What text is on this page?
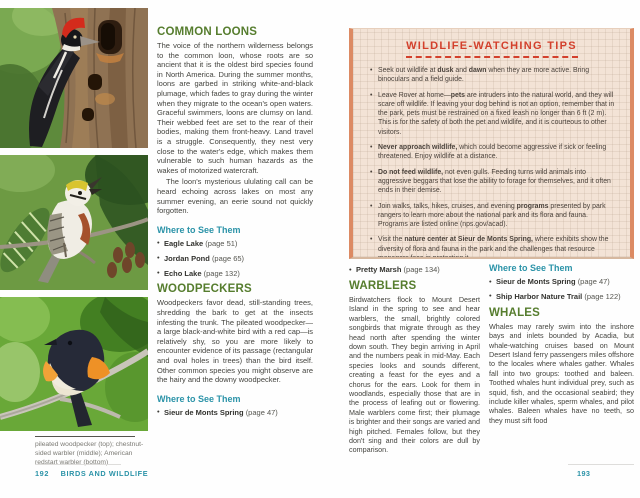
COMMON LOONS

The voice of the northern wilderness belongs to the common loon, whose roots are so ancient that it is the oldest bird species found in North America. During the summer months, loons are garbed in striking white-and-black plumage, which fades to gray during the winter when they migrate to the ocean's open waters. Graceful swimmers, loons are clumsy on land. Their webbed feet are set to the rear of their bodies, making them front-heavy. Land travel is a struggle. Consequently, they nest very close to the water's edge, which makes them vulnerable to such human hazards as the wakes of motorized watercraft.

The loon's mysterious ululating call can be heard echoing across lakes on most any summer evening, an eerie sound not quickly forgotten.

Where to See Them
• Eagle Lake (page 51)
• Jordan Pond (page 65)
• Echo Lake (page 132)
WOODPECKERS

Woodpeckers favor dead, still-standing trees, shredding the bark to get at the insects infesting the trunk. The pileated woodpecker—a large black-and-white bird with a red cap—is relatively shy, so you are more likely to encounter evidence of its passage (rectangular and oval holes in trees) than the bird itself. Other common species you might observe are the hairy and the downy woodpecker.

Where to See Them
• Sieur de Monts Spring (page 47)
WILDLIFE-WATCHING TIPS
• Seek out wildlife at dusk and dawn when they are more active. Bring binoculars and a field guide.
• Leave Rover at home—pets are intruders into the natural world, and they will scare off wildlife. If leaving your dog behind is not an option, remember that in the park, pets must be restrained on a fixed leash no longer than 6 ft (2 m). This is for the safety of both the pet and wildlife, and it is courteous to other visitors.
• Never approach wildlife, which could become aggressive if sick or feeling threatened. Enjoy wildlife at a distance.
• Do not feed wildlife, not even gulls. Feeding turns wild animals into aggressive beggars that lose the ability to forage for themselves, and it often ends in their demise.
• Join walks, talks, hikes, cruises, and evening programs presented by park rangers to learn more about the national park and its flora and fauna. Programs are listed online (nps.gov/acad).
• Visit the nature center at Sieur de Monts Spring, where exhibits show the diversity of flora and fauna in the park and the challenges that resource managers face in protecting it.
• Pretty Marsh (page 134)
WARBLERS

Birdwatchers flock to Mount Desert Island in the spring to see and hear warblers, the small, brightly colored songbirds that migrate through as they head north after spending the winter down south. They begin arriving in April and the numbers peak in mid-May. Each species looks and sounds different, creating a feast for the eyes and a chorus for the ears. Look for them in woodlands, especially those that are in the process of leafing out or flowering. Male warblers come first; their plumage is brighter and their songs are varied and high pitched. Females follow, but they don't sing and their colors are dull by comparison.

Where to See Them
• Sieur de Monts Spring (page 47)
• Ship Harbor Nature Trail (page 122)
WHALES

Whales may rarely swim into the inshore bays and inlets bounded by Acadia, but whale-watching cruises based on Mount Desert Island ferry passengers miles offshore to the locales where whales gather. Whales fall into two groups: toothed and baleen. Toothed whales hunt individual prey, such as squid, fish, and the occasional seabird; they include killer whales, sperm whales, and pilot whales. Baleen whales have no teeth, so they must sift food

pileated woodpecker (top); chestnut-sided warbler (middle); American redstart warbler (bottom)
192 BIRDS AND WILDLIFE	193
